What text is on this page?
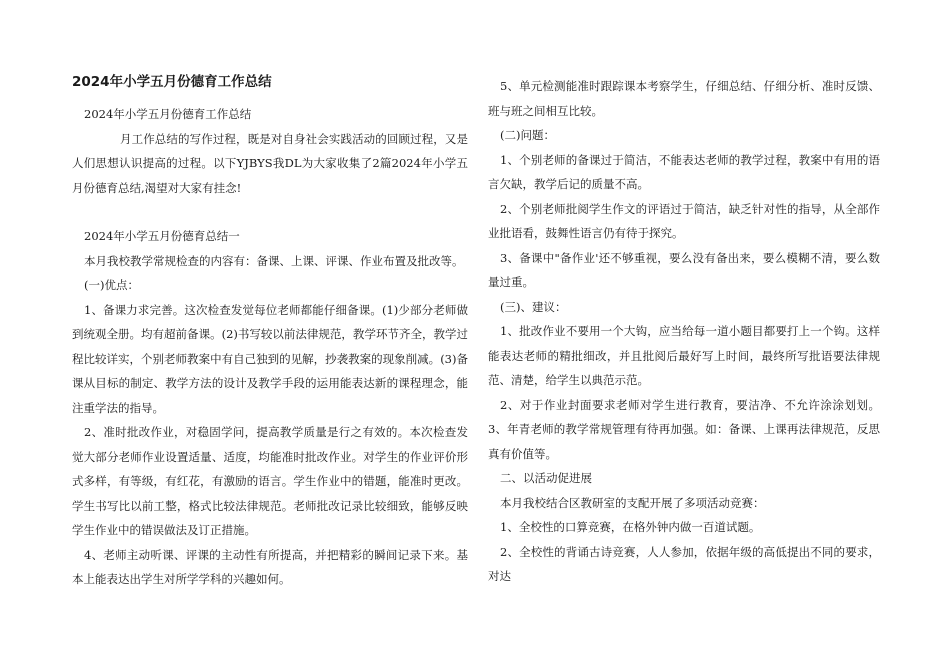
2024年小学五月份德育工作总结

2024年小学五月份德育工作总结

月工作总结的写作过程，既是对自身社会实践活动的回顾过程，又是人们思想认识提高的过程。以下YJBYS我DL为大家收集了2篇2024年小学五月份德育总结,渴望对大家有挂念!

2024年小学五月份德育总结一

本月我校教学常规检查的内容有：备课、上课、评课、作业布置及批改等。

(一)优点：

1、备课力求完善。这次检查发觉每位老师都能仔细备课。(1)少部分老师做到统观全册。均有超前备课。(2)书写较以前法律规范，教学环节齐全，教学过程比较详实，个别老师教案中有自己独到的见解，抄袭教案的现象削减。(3)备课从目标的制定、教学方法的设计及教学手段的运用能表达新的课程理念，能注重学法的指导。

2、准时批改作业，对稳固学问，提高教学质量是行之有效的。本次检查发觉大部分老师作业设置适量、适度，均能准时批改作业。对学生的作业评价形式多样，有等级，有红花，有激励的语言。学生作业中的错题，能准时更改。学生书写比以前工整，格式比较法律规范。老师批改记录比较细致，能够反映学生作业中的错误做法及订正措施。

4、老师主动听课、评课的主动性有所提高，并把精彩的瞬间记录下来。基本上能表达出学生对所学学科的兴趣如何。

5、单元检测能准时跟踪课本考察学生，仔细总结、仔细分析、准时反馈、班与班之间相互比较。

(二)问题：

1、个别老师的备课过于简洁，不能表达老师的教学过程，教案中有用的语言欠缺，教学后记的质量不高。

2、个别老师批阅学生作文的评语过于简洁，缺乏针对性的指导，从全部作业批语看，鼓舞性语言仍有待于探究。

3、备课中"备作业'还不够重视，要么没有备出来，要么模糊不清，要么数量过重。

(三)、建议：

1、批改作业不要用一个大钩，应当给每一道小题目都要打上一个钩。这样能表达老师的精批细改，并且批阅后最好写上时间，最终所写批语要法律规范、清楚，给学生以典范示范。

2、对于作业封面要求老师对学生进行教育，要洁净、不允许涂涂划划。3、年青老师的教学常规管理有待再加强。如：备课、上课再法律规范，反思真有价值等。

二、以活动促进展

本月我校结合区教研室的支配开展了多项活动竞赛：

1、全校性的口算竞赛，在格外钟内做一百道试题。

2、全校性的背诵古诗竞赛，人人参加，依据年级的高低提出不同的要求，对达
